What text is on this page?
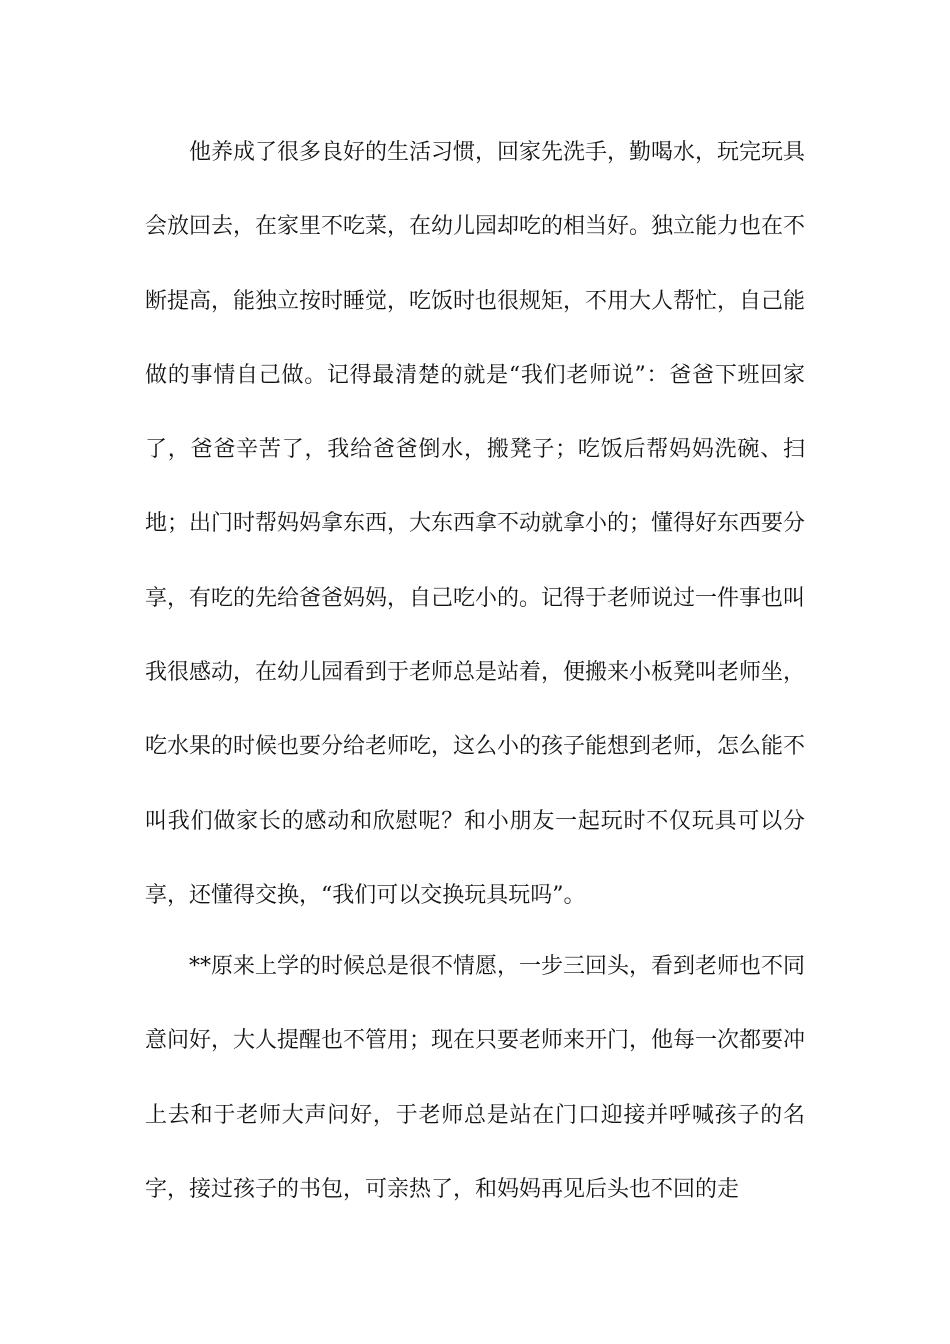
他养成了很多良好的生活习惯，回家先洗手，勤喝水，玩完玩具会放回去，在家里不吃菜，在幼儿园却吃的相当好。独立能力也在不断提高，能独立按时睡觉，吃饭时也很规矩，不用大人帮忙，自己能做的事情自己做。记得最清楚的就是“我们老师说”：爸爸下班回家了，爸爸辛苦了，我给爸爸倒水，搬凳子；吃饭后帮妈妈洗碗、扫地；出门时帮妈妈拿东西，大东西拿不动就拿小的；懂得好东西要分享，有吃的先给爸爸妈妈，自己吃小的。记得于老师说过一件事也叫我很感动，在幼儿园看到于老师总是站着，便搬来小板凳叫老师坐，吃水果的时候也要分给老师吃，这么小的孩子能想到老师，怎么能不叫我们做家长的感动和欣慰呢？和小朋友一起玩时不仅玩具可以分享，还懂得交换，“我们可以交换玩具玩吗”。

**原来上学的时候总是很不情愿，一步三回头，看到老师也不同意问好，大人提醒也不管用；现在只要老师来开门，他每一次都要冲上去和于老师大声问好，于老师总是站在门口迎接并呼喊孩子的名字，接过孩子的书包，可亲热了，和妈妈再见后头也不回的走
